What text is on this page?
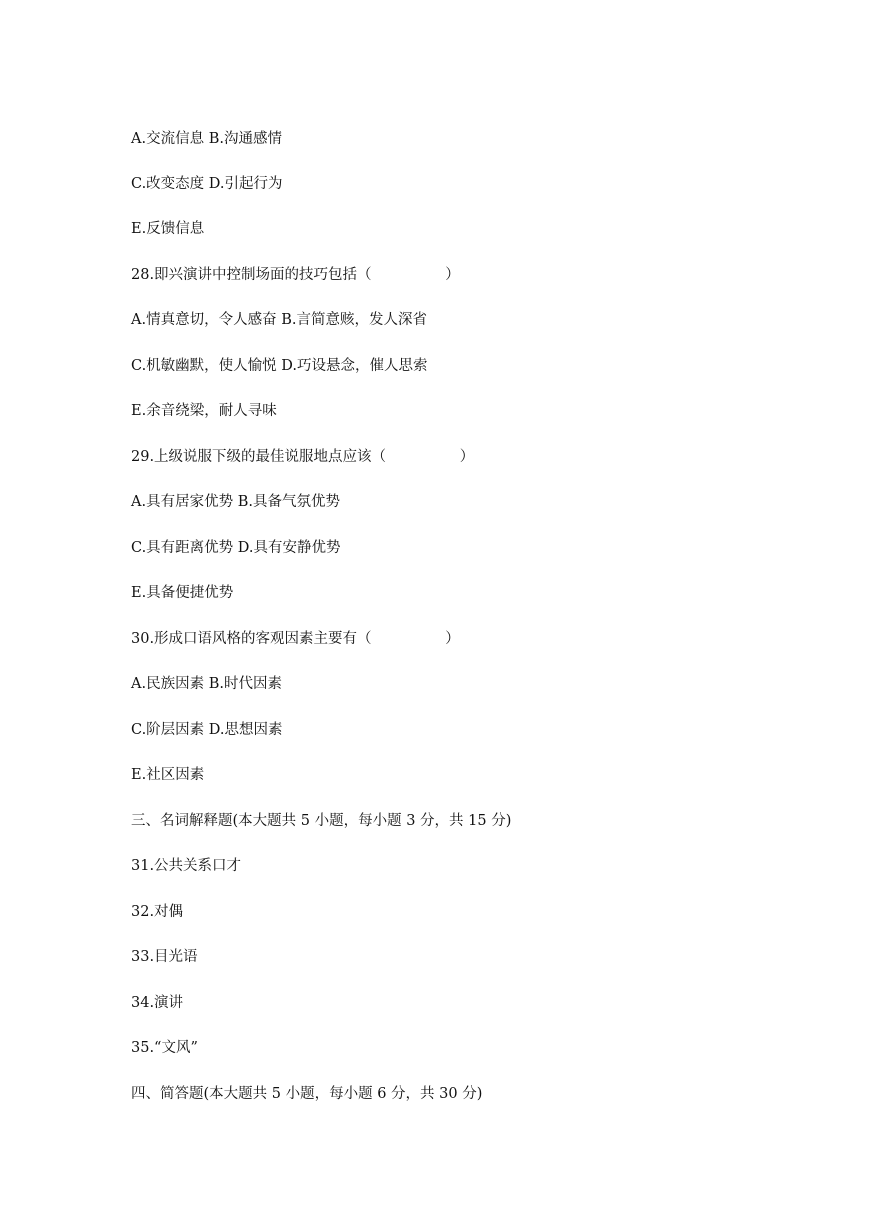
A.交流信息 B.沟通感情
C.改变态度 D.引起行为
E.反馈信息
28.即兴演讲中控制场面的技巧包括（                ）
A.情真意切，令人感奋 B.言简意赅，发人深省
C.机敏幽默，使人愉悦 D.巧设悬念，催人思索
E.余音绕梁，耐人寻味
29.上级说服下级的最佳说服地点应该（                ）
A.具有居家优势 B.具备气氛优势
C.具有距离优势 D.具有安静优势
E.具备便捷优势
30.形成口语风格的客观因素主要有（                ）
A.民族因素 B.时代因素
C.阶层因素 D.思想因素
E.社区因素
三、名词解释题(本大题共 5 小题，每小题 3 分，共 15 分)
31.公共关系口才
32.对偶
33.目光语
34.演讲
35.“文风”
四、简答题(本大题共 5 小题，每小题 6 分，共 30 分)
